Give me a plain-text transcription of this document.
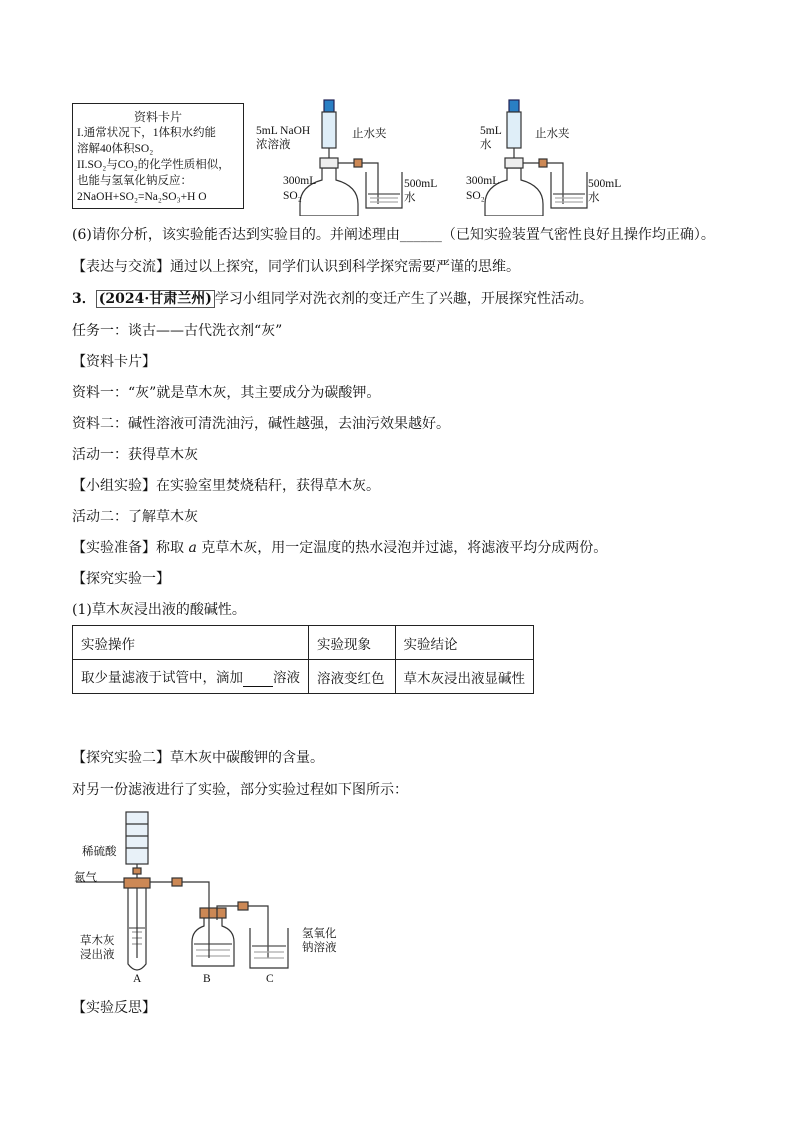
资料卡片
I.通常状况下，1体积水约能
溶解40体积SO₂
II.SO₂与CO₂的化学性质相似，
也能与氢氧化钠反应：
2NaOH+SO₂=Na₂SO₃+H O
5mL NaOH
浓溶液
止水夹
300mL
SO₂
500mL
水
5mL
水
止水夹
300mL
SO₂
500mL
水
(6)请你分析，该实验能否达到实验目的。并阐述理由______（已知实验装置气密性良好且操作均正确）。
【表达与交流】通过以上探究，同学们认识到科学探究需要严谨的思维。
3． (2024·甘肃兰州) 学习小组同学对洗衣剂的变迁产生了兴趣，开展探究性活动。
任务一：谈古——古代洗衣剂“灰”
【资料卡片】
资料一：“灰”就是草木灰，其主要成分为碳酸钾。
资料二：碱性溶液可清洗油污，碱性越强，去油污效果越好。
活动一：获得草木灰
【小组实验】在实验室里焚烧秸秆，获得草木灰。
活动二：了解草木灰
【实验准备】称取 a 克草木灰，用一定温度的热水浸泡并过滤，将滤液平均分成两份。
【探究实验一】
(1)草木灰浸出液的酸碱性。
实验操作	实验现象	实验结论
取少量滤液于试管中，滴加 溶液	溶液变红色	草木灰浸出液显碱性
【探究实验二】草木灰中碳酸钾的含量。
对另一份滤液进行了实验，部分实验过程如下图所示：
稀硫酸
氮气
草木灰
浸出液
氢氧化
钠溶液
A	B	C
【实验反思】
